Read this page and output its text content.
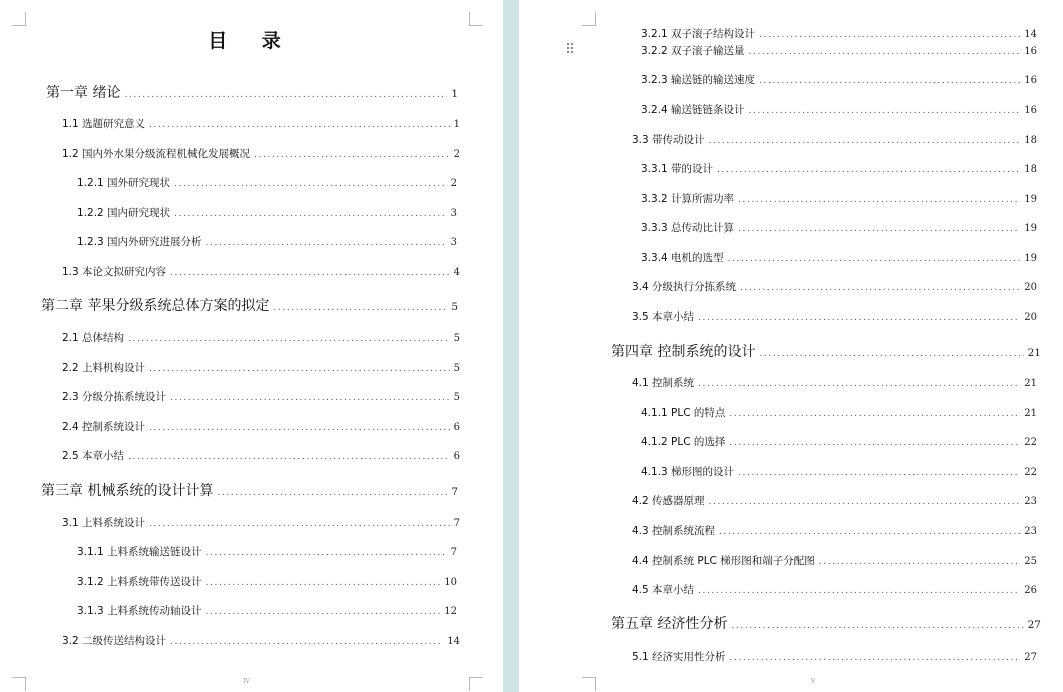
目 录
第一章 绪论 .....	1
1.1 选题研究意义 .....	1
1.2 国内外水果分级流程机械化发展概况 .....	2
1.2.1 国外研究现状 .....	2
1.2.2 国内研究现状 .....	3
1.2.3 国内外研究进展分析 .....	3
1.3 本论文拟研究内容 .....	4
第二章 苹果分级系统总体方案的拟定 .....	5
2.1 总体结构 .....	5
2.2 上料机构设计 .....	5
2.3 分级分拣系统设计 .....	5
2.4 控制系统设计 .....	6
2.5 本章小结 .....	6
第三章 机械系统的设计计算 .....	7
3.1 上料系统设计 .....	7
3.1.1 上料系统输送链设计 .....	7
3.1.2 上料系统带传送设计 .....	10
3.1.3 上料系统传动轴设计 .....	12
3.2 二级传送结构设计 .....	14
IV
⠿
3.2.1 双子滚子结构设计 .....	14
3.2.2 双子滚子输送量 .....	16
3.2.3 输送链的输送速度 .....	16
3.2.4 输送链链条设计 .....	16
3.3 带传动设计 .....	18
3.3.1 带的设计 .....	18
3.3.2 计算所需功率 .....	19
3.3.3 总传动比计算 .....	19
3.3.4 电机的选型 .....	19
3.4 分级执行分拣系统 .....	20
3.5 本章小结 .....	20
第四章 控制系统的设计 .....	21
4.1 控制系统 .....	21
4.1.1 PLC 的特点 .....	21
4.1.2 PLC 的选择 .....	22
4.1.3 梯形图的设计 .....	22
4.2 传感器原理 .....	23
4.3 控制系统流程 .....	23
4.4 控制系统 PLC 梯形图和端子分配图 .....	25
4.5 本章小结 .....	26
第五章 经济性分析 .....	27
5.1 经济实用性分析 .....	27
V
